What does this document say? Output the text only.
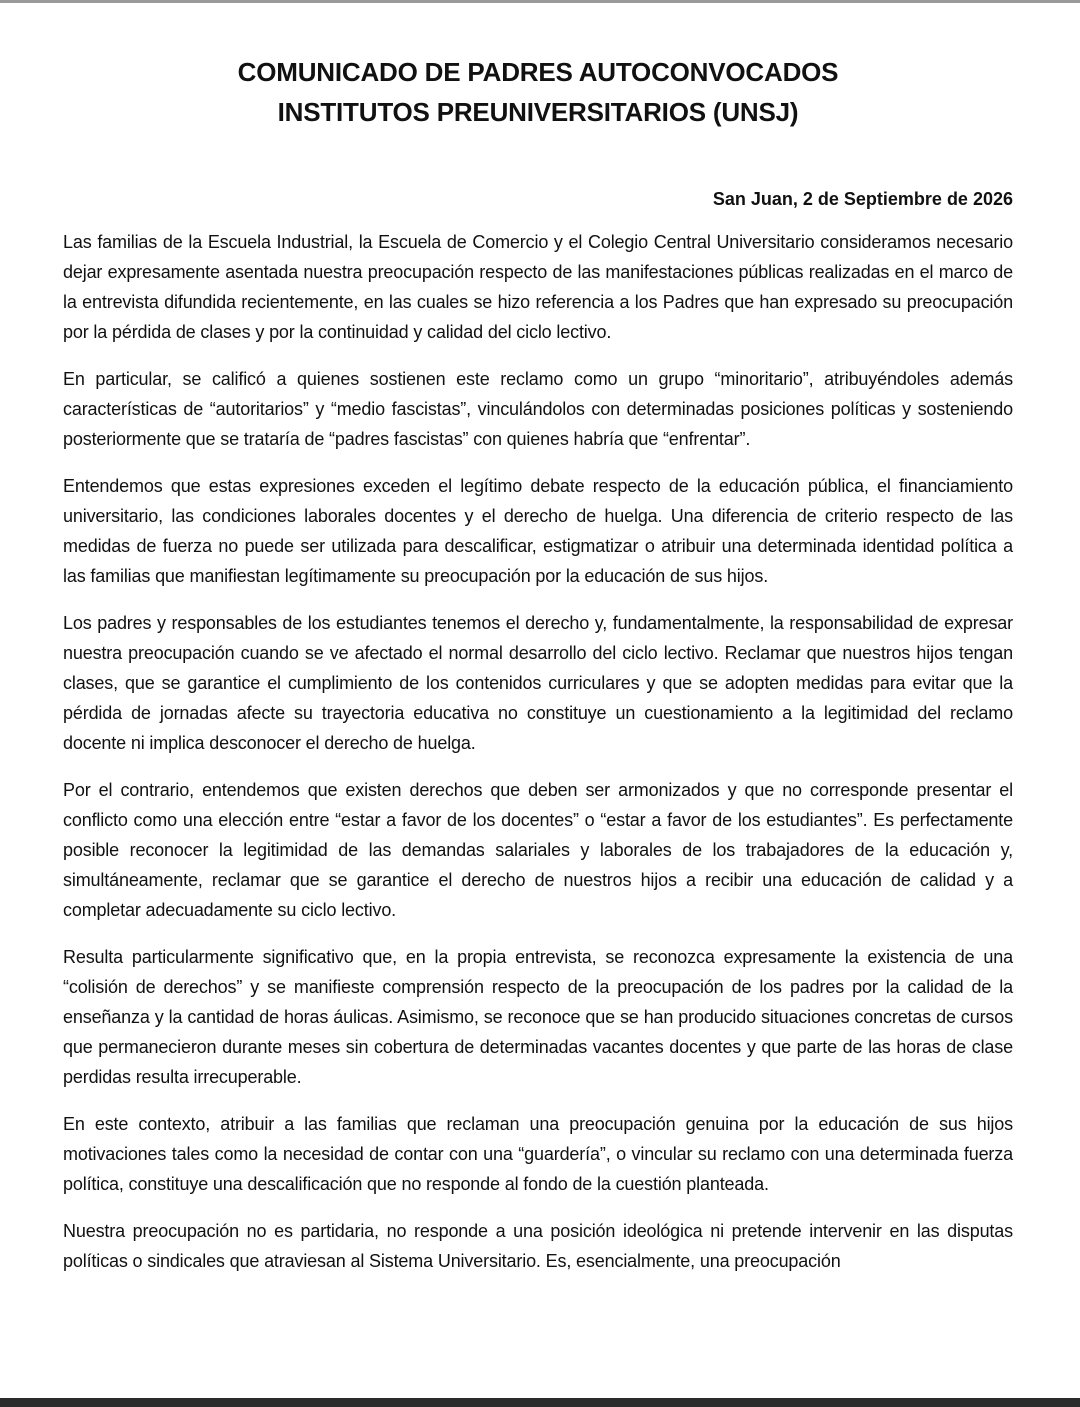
COMUNICADO DE PADRES AUTOCONVOCADOS
INSTITUTOS PREUNIVERSITARIOS (UNSJ)

San Juan, 2 de Septiembre de 2026

Las familias de la Escuela Industrial, la Escuela de Comercio y el Colegio Central Universitario consideramos necesario dejar expresamente asentada nuestra preocupación respecto de las manifestaciones públicas realizadas en el marco de la entrevista difundida recientemente, en las cuales se hizo referencia a los Padres que han expresado su preocupación por la pérdida de clases y por la continuidad y calidad del ciclo lectivo.

En particular, se calificó a quienes sostienen este reclamo como un grupo “minoritario”, atribuyéndoles además características de “autoritarios” y “medio fascistas”, vinculándolos con determinadas posiciones políticas y sosteniendo posteriormente que se trataría de “padres fascistas” con quienes habría que “enfrentar”.

Entendemos que estas expresiones exceden el legítimo debate respecto de la educación pública, el financiamiento universitario, las condiciones laborales docentes y el derecho de huelga. Una diferencia de criterio respecto de las medidas de fuerza no puede ser utilizada para descalificar, estigmatizar o atribuir una determinada identidad política a las familias que manifiestan legítimamente su preocupación por la educación de sus hijos.

Los padres y responsables de los estudiantes tenemos el derecho y, fundamentalmente, la responsabilidad de expresar nuestra preocupación cuando se ve afectado el normal desarrollo del ciclo lectivo. Reclamar que nuestros hijos tengan clases, que se garantice el cumplimiento de los contenidos curriculares y que se adopten medidas para evitar que la pérdida de jornadas afecte su trayectoria educativa no constituye un cuestionamiento a la legitimidad del reclamo docente ni implica desconocer el derecho de huelga.

Por el contrario, entendemos que existen derechos que deben ser armonizados y que no corresponde presentar el conflicto como una elección entre “estar a favor de los docentes” o “estar a favor de los estudiantes”. Es perfectamente posible reconocer la legitimidad de las demandas salariales y laborales de los trabajadores de la educación y, simultáneamente, reclamar que se garantice el derecho de nuestros hijos a recibir una educación de calidad y a completar adecuadamente su ciclo lectivo.

Resulta particularmente significativo que, en la propia entrevista, se reconozca expresamente la existencia de una “colisión de derechos” y se manifieste comprensión respecto de la preocupación de los padres por la calidad de la enseñanza y la cantidad de horas áulicas. Asimismo, se reconoce que se han producido situaciones concretas de cursos que permanecieron durante meses sin cobertura de determinadas vacantes docentes y que parte de las horas de clase perdidas resulta irrecuperable.

En este contexto, atribuir a las familias que reclaman una preocupación genuina por la educación de sus hijos motivaciones tales como la necesidad de contar con una “guardería”, o vincular su reclamo con una determinada fuerza política, constituye una descalificación que no responde al fondo de la cuestión planteada.

Nuestra preocupación no es partidaria, no responde a una posición ideológica ni pretende intervenir en las disputas políticas o sindicales que atraviesan al Sistema Universitario. Es, esencialmente, una preocupación
